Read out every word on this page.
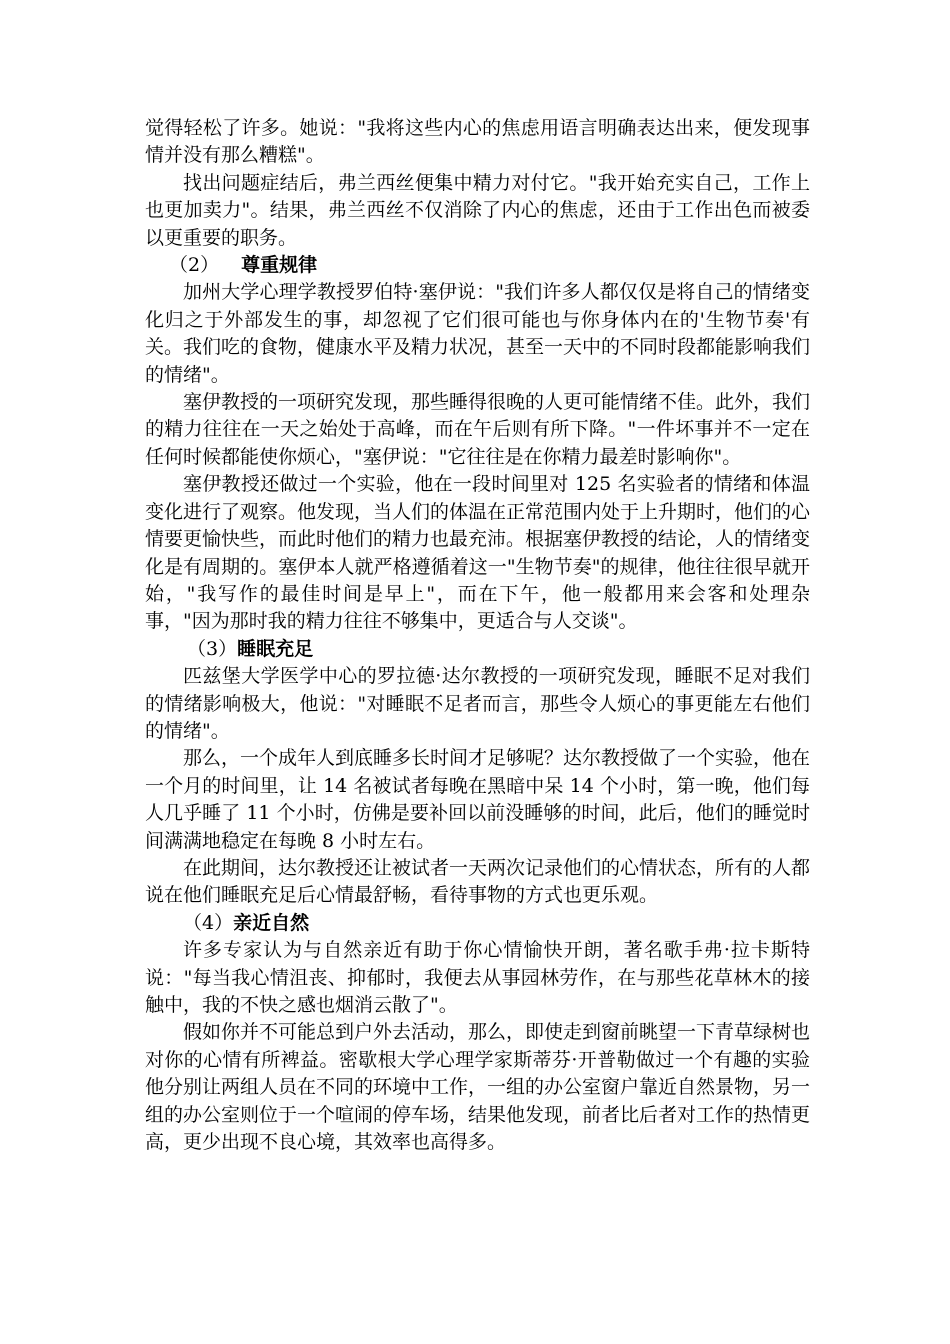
觉得轻松了许多。她说："我将这些内心的焦虑用语言明确表达出来，便发现事情并没有那么糟糕"。

找出问题症结后，弗兰西丝便集中精力对付它。"我开始充实自己，工作上也更加卖力"。结果，弗兰西丝不仅消除了内心的焦虑，还由于工作出色而被委以更重要的职务。

（2） 尊重规律

加州大学心理学教授罗伯特·塞伊说："我们许多人都仅仅是将自己的情绪变化归之于外部发生的事，却忽视了它们很可能也与你身体内在的'生物节奏'有关。我们吃的食物，健康水平及精力状况，甚至一天中的不同时段都能影响我们的情绪"。

塞伊教授的一项研究发现，那些睡得很晚的人更可能情绪不佳。此外，我们的精力往往在一天之始处于高峰，而在午后则有所下降。"一件坏事并不一定在任何时候都能使你烦心，"塞伊说："它往往是在你精力最差时影响你"。

塞伊教授还做过一个实验，他在一段时间里对 125 名实验者的情绪和体温变化进行了观察。他发现，当人们的体温在正常范围内处于上升期时，他们的心情要更愉快些，而此时他们的精力也最充沛。根据塞伊教授的结论，人的情绪变化是有周期的。塞伊本人就严格遵循着这一"生物节奏"的规律，他往往很早就开始，"我写作的最佳时间是早上"，而在下午，他一般都用来会客和处理杂事，"因为那时我的精力往往不够集中，更适合与人交谈"。

（3）睡眠充足

匹兹堡大学医学中心的罗拉德·达尔教授的一项研究发现，睡眠不足对我们的情绪影响极大，他说："对睡眠不足者而言，那些令人烦心的事更能左右他们的情绪"。

那么，一个成年人到底睡多长时间才足够呢？达尔教授做了一个实验，他在一个月的时间里，让 14 名被试者每晚在黑暗中呆 14 个小时，第一晚，他们每人几乎睡了 11 个小时，仿佛是要补回以前没睡够的时间，此后，他们的睡觉时间满满地稳定在每晚 8 小时左右。

在此期间，达尔教授还让被试者一天两次记录他们的心情状态，所有的人都说在他们睡眠充足后心情最舒畅，看待事物的方式也更乐观。

（4）亲近自然

许多专家认为与自然亲近有助于你心情愉快开朗，著名歌手弗·拉卡斯特说："每当我心情沮丧、抑郁时，我便去从事园林劳作，在与那些花草林木的接触中，我的不快之感也烟消云散了"。

假如你并不可能总到户外去活动，那么，即使走到窗前眺望一下青草绿树也对你的心情有所裨益。密歇根大学心理学家斯蒂芬·开普勒做过一个有趣的实验他分别让两组人员在不同的环境中工作，一组的办公室窗户靠近自然景物，另一组的办公室则位于一个喧闹的停车场，结果他发现，前者比后者对工作的热情更高，更少出现不良心境，其效率也高得多。
